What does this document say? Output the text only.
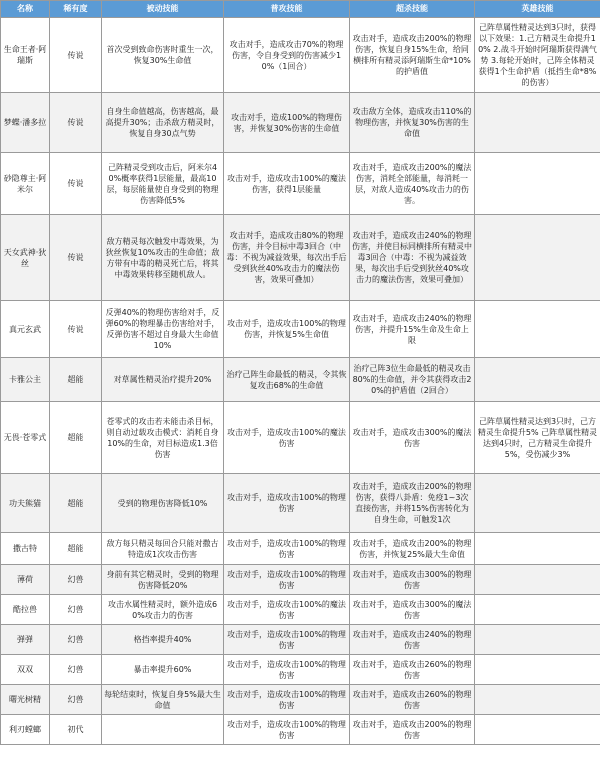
名称	稀有度	被动技能	普攻技能	超杀技能	英雄技能
生命王者·阿瑞斯	传说	首次受到致命伤害时重生一次，恢复30%生命值	攻击对手，造成攻击70%的物理伤害，令自身受到的伤害减少10%（1回合）	攻击对手，造成攻击200%的物理伤害，恢复自身15%生命，给同横排所有精灵添阿瑞斯生命*10%的护盾值	己阵草属性精灵达到3只时，获得以下效果：1.己方精灵生命提升10% 2.战斗开始时阿瑞斯获得满气势 3.每轮开始时，己阵全体精灵获得1个生命护盾（抵挡生命*8%的伤害）
梦蝶·潘多拉	传说	自身生命值越高，伤害越高，最高提升30%；击杀敌方精灵时，恢复自身30点气势	攻击对手，造成100%的物理伤害，并恢复30%伤害的生命值	攻击敌方全体，造成攻击110%的物理伤害，并恢复30%伤害的生命值	
砂隐尊主·阿米尔	传说	己阵精灵受到攻击后，阿米尔40%概率获得1层能量，最高10层，每层能量使自身受到的物理伤害降低5%	攻击对手，造成攻击100%的魔法伤害，获得1层能量	攻击对手，造成攻击200%的魔法伤害，消耗全部能量，每消耗一层，对敌人造成40%攻击力的伤害。	
天女武神·狄丝	传说	敌方精灵每次触发中毒效果，为狄丝恢复10%攻击的生命值；敌方带有中毒的精灵死亡后，将其中毒效果转移至随机敌人。	攻击对手，造成攻击80%的物理伤害，并令目标中毒3回合（中毒：不视为减益效果，每次出手后受到狄丝40%攻击力的魔法伤害，效果可叠加）	攻击对手，造成攻击240%的物理伤害，并使目标同横排所有精灵中毒3回合（中毒：不视为减益效果，每次出手后受到狄丝40%攻击力的魔法伤害，效果可叠加）	
真元玄武	传说	反弹40%的物理伤害给对手，反弹60%的物理暴击伤害给对手，反弹伤害不超过自身最大生命值10%	攻击对手，造成攻击100%的物理伤害，并恢复5%生命值	攻击对手，造成攻击240%的物理伤害，并提升15%生命及生命上限	
卡雅公主	超能	对草属性精灵治疗提升20%	治疗己阵生命最低的精灵，令其恢复攻击68%的生命值	治疗己阵3位生命最低的精灵攻击80%的生命值，并令其获得攻击20%的护盾值（2回合）	
无畏·苍零式	超能	苍零式的攻击若未能击杀目标，则自动过载攻击模式：消耗自身10%的生命，对目标造成1.3倍伤害	攻击对手，造成攻击100%的魔法伤害	攻击对手，造成攻击300%的魔法伤害	己阵草属性精灵达到3只时，己方精灵生命提升5% 己阵草属性精灵达到4只时，己方精灵生命提升5%，受伤减少3%
功夫熊猫	超能	受到的物理伤害降低10%	攻击对手，造成攻击100%的物理伤害	攻击对手，造成攻击200%的物理伤害，获得八卦盾：免疫1~3次直接伤害，并将15%伤害转化为自身生命，可触发1次	
撒古特	超能	敌方每只精灵每回合只能对撒古特造成1次攻击伤害	攻击对手，造成攻击100%的物理伤害	攻击对手，造成攻击200%的物理伤害，并恢复25%最大生命值	
薄荷	幻兽	身前有其它精灵时，受到的物理伤害降低20%	攻击对手，造成攻击100%的物理伤害	攻击对手，造成攻击300%的物理伤害	
酷拉兽	幻兽	攻击水属性精灵时，额外造成60%攻击力的伤害	攻击对手，造成攻击100%的魔法伤害	攻击对手，造成攻击300%的魔法伤害	
弹弹	幻兽	格挡率提升40%	攻击对手，造成攻击100%的物理伤害	攻击对手，造成攻击240%的物理伤害	
双双	幻兽	暴击率提升60%	攻击对手，造成攻击100%的物理伤害	攻击对手，造成攻击260%的物理伤害	
曙光树精	幻兽	每轮结束时，恢复自身5%最大生命值	攻击对手，造成攻击100%的物理伤害	攻击对手，造成攻击260%的物理伤害	
利刃螳螂	初代		攻击对手，造成攻击100%的物理伤害	攻击对手，造成攻击200%的物理伤害	
